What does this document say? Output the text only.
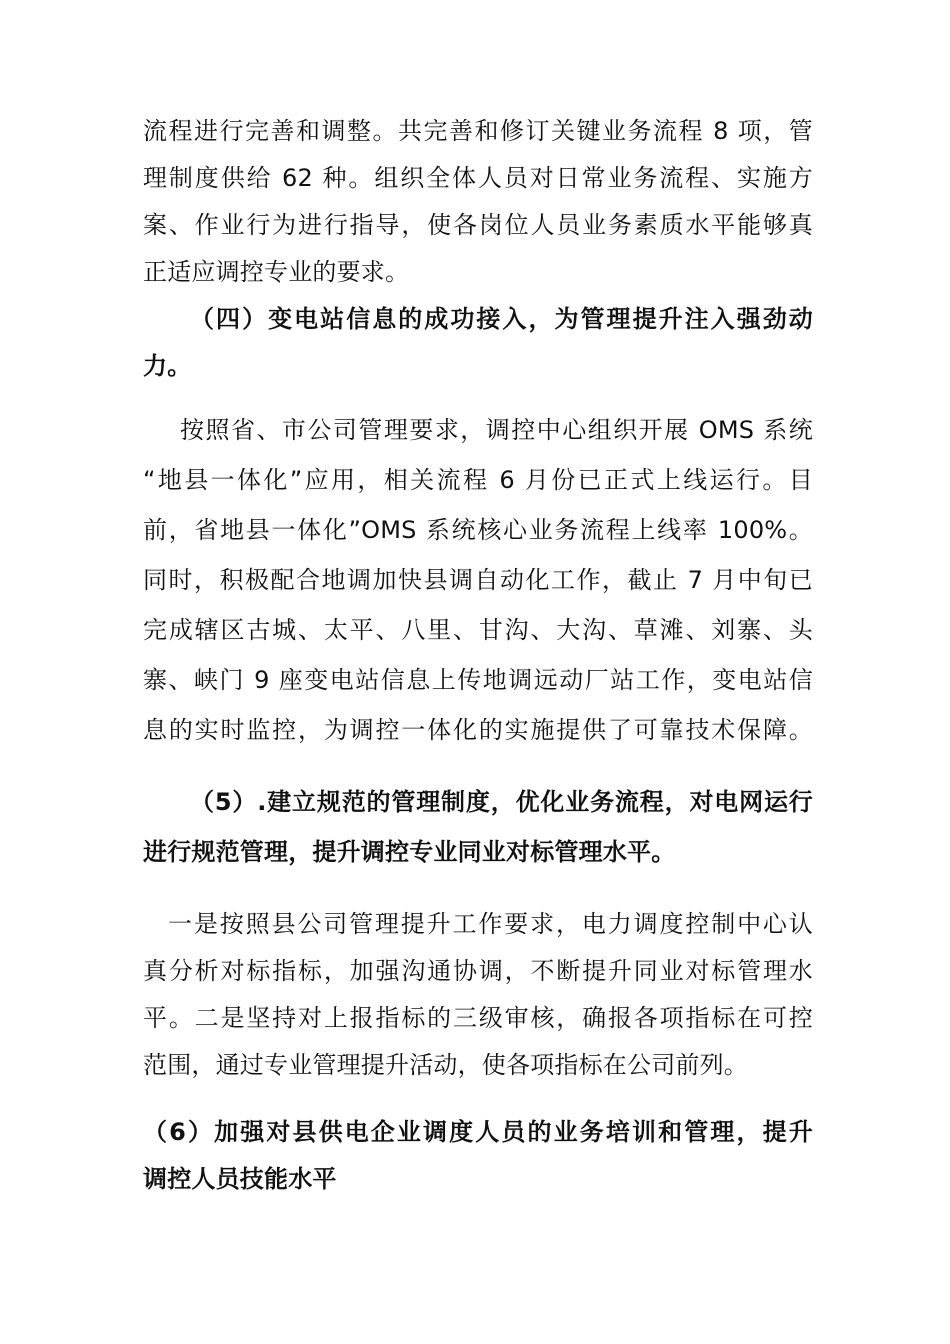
流程进行完善和调整。共完善和修订关键业务流程 8 项，管
理制度供给 62 种。组织全体人员对日常业务流程、实施方
案、作业行为进行指导，使各岗位人员业务素质水平能够真
正适应调控专业的要求。
（四）变电站信息的成功接入，为管理提升注入强劲动
力。
按照省、市公司管理要求，调控中心组织开展 OMS 系统
“地县一体化”应用，相关流程 6 月份已正式上线运行。目
前，省地县一体化”OMS 系统核心业务流程上线率 100%。
同时，积极配合地调加快县调自动化工作，截止 7 月中旬已
完成辖区古城、太平、八里、甘沟、大沟、草滩、刘寨、头
寨、峡门 9 座变电站信息上传地调远动厂站工作，变电站信
息的实时监控，为调控一体化的实施提供了可靠技术保障。
（5）.建立规范的管理制度，优化业务流程，对电网运行
进行规范管理，提升调控专业同业对标管理水平。
一是按照县公司管理提升工作要求，电力调度控制中心认
真分析对标指标，加强沟通协调，不断提升同业对标管理水
平。二是坚持对上报指标的三级审核，确报各项指标在可控
范围，通过专业管理提升活动，使各项指标在公司前列。
（6）加强对县供电企业调度人员的业务培训和管理，提升
调控人员技能水平
